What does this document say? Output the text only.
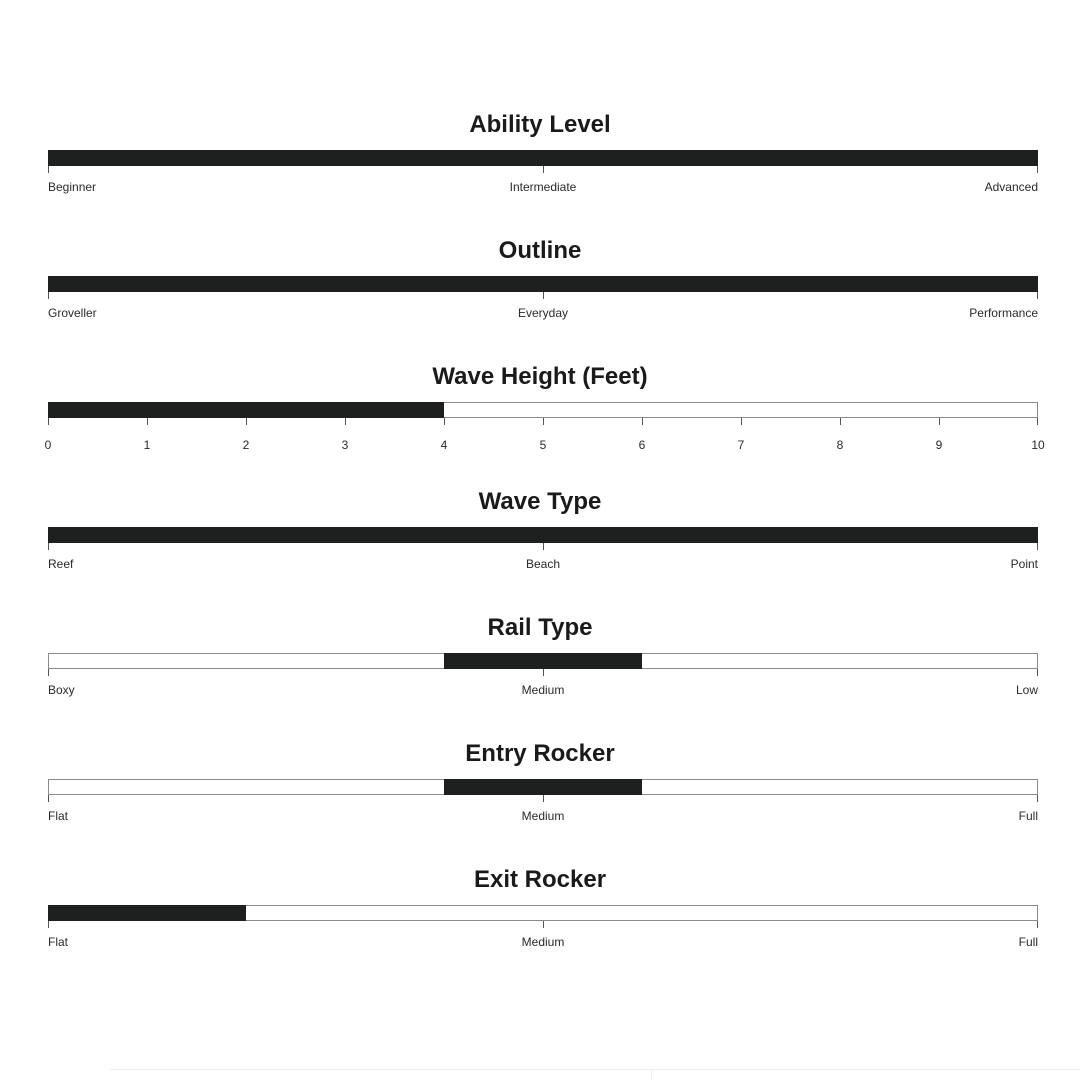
Ability Level
Beginner	Intermediate	Advanced
Outline
Groveller	Everyday	Performance
Wave Height (Feet)
0	1	2	3	4	5	6	7	8	9	10
Wave Type
Reef	Beach	Point
Rail Type
Boxy	Medium	Low
Entry Rocker
Flat	Medium	Full
Exit Rocker
Flat	Medium	Full
